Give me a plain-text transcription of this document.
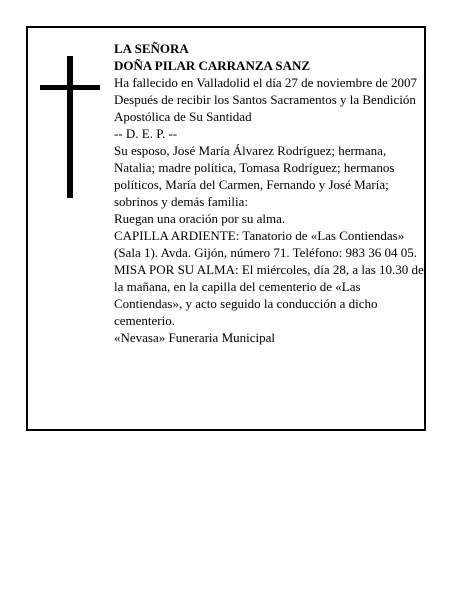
LA SEÑORA

DOÑA PILAR CARRANZA SANZ

Ha fallecido en Valladolid el día 27 de noviembre de 2007

Después de recibir los Santos Sacramentos y la Bendición Apostólica de Su Santidad

-- D. E. P. --

Su esposo, José María Álvarez Rodríguez; hermana, Natalia; madre política, Tomasa Rodríguez; hermanos políticos, María del Carmen, Fernando y José María; sobrinos y demás familia:

Ruegan una oración por su alma.

CAPILLA ARDIENTE: Tanatorio de «Las Contiendas» (Sala 1). Avda. Gijón, número 71. Teléfono: 983 36 04 05.

MISA POR SU ALMA: El miércoles, día 28, a las 10.30 de la mañana, en la capilla del cementerio de «Las Contiendas», y acto seguido la conducción a dicho cementerio.

«Nevasa» Funeraria Municipal
